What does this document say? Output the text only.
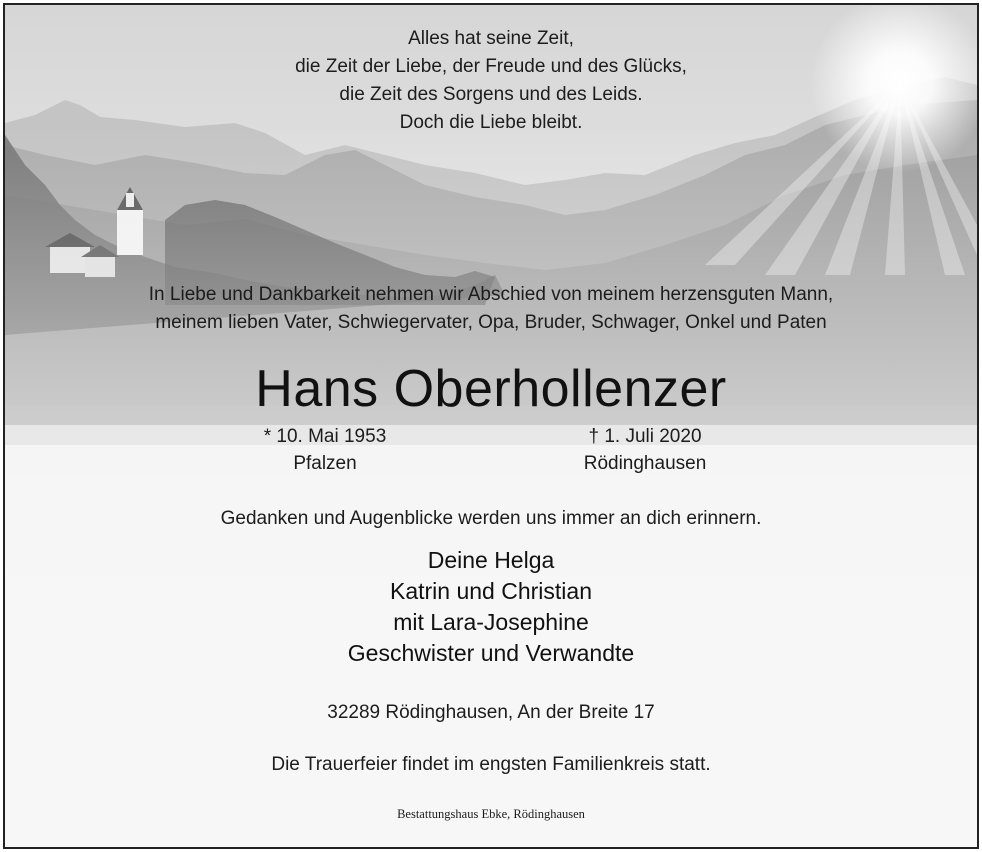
Alles hat seine Zeit,
die Zeit der Liebe, der Freude und des Glücks,
die Zeit des Sorgens und des Leids.
Doch die Liebe bleibt.
In Liebe und Dankbarkeit nehmen wir Abschied von meinem herzensguten Mann,
meinem lieben Vater, Schwiegervater, Opa, Bruder, Schwager, Onkel und Paten
Hans Oberhollenzer
* 10. Mai 1953
Pfalzen
† 1. Juli 2020
Rödinghausen
Gedanken und Augenblicke werden uns immer an dich erinnern.
Deine Helga
Katrin und Christian
mit Lara-Josephine
Geschwister und Verwandte
32289 Rödinghausen, An der Breite 17
Die Trauerfeier findet im engsten Familienkreis statt.
Bestattungshaus Ebke, Rödinghausen
